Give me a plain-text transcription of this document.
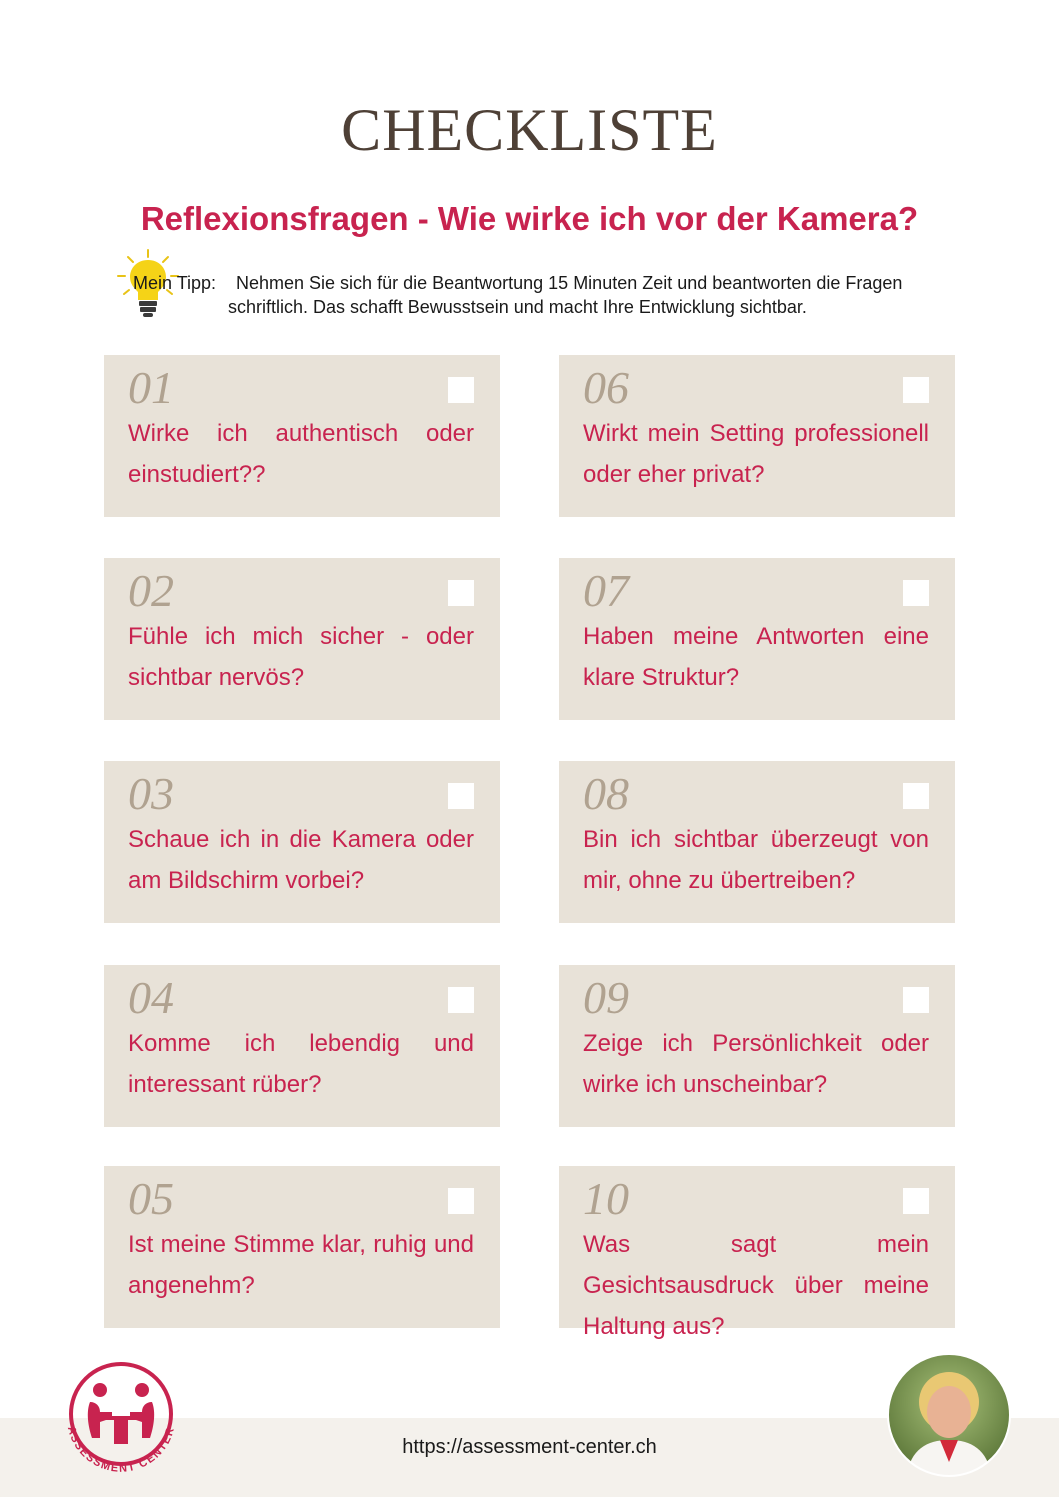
CHECKLISTE
Reflexionsfragen - Wie wirke ich vor der Kamera?
Mein Tipp: Nehmen Sie sich für die Beantwortung 15 Minuten Zeit und beantworten die Fragen
schriftlich. Das schafft Bewusstsein und macht Ihre Entwicklung sichtbar.
01
Wirke ich authentisch oder einstudiert??
02
Fühle ich mich sicher - oder sichtbar nervös?
03
Schaue ich in die Kamera oder am Bildschirm vorbei?
04
Komme ich lebendig und interessant rüber?
05
Ist meine Stimme klar, ruhig und angenehm?
06
Wirkt mein Setting professionell oder eher privat?
07
Haben meine Antworten eine klare Struktur?
08
Bin ich sichtbar überzeugt von mir, ohne zu übertreiben?
09
Zeige ich Persönlichkeit oder wirke ich unscheinbar?
10
Was sagt mein Gesichtsausdruck über meine Haltung aus?
https://assessment-center.ch
ASSESSMENT CENTER
